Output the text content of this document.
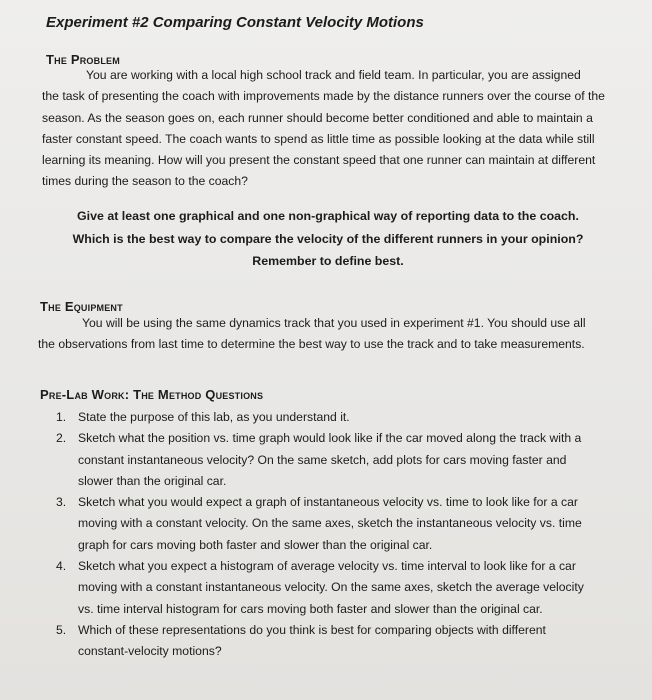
Experiment #2 Comparing Constant Velocity Motions
The Problem
You are working with a local high school track and field team. In particular, you are assigned
the task of presenting the coach with improvements made by the distance runners over the course of the
season. As the season goes on, each runner should become better conditioned and able to maintain a
faster constant speed. The coach wants to spend as little time as possible looking at the data while still
learning its meaning. How will you present the constant speed that one runner can maintain at different
times during the season to the coach?
Give at least one graphical and one non-graphical way of reporting data to the coach.
Which is the best way to compare the velocity of the different runners in your opinion?
Remember to define best.
The Equipment
You will be using the same dynamics track that you used in experiment #1. You should use all
the observations from last time to determine the best way to use the track and to take measurements.
Pre-Lab Work: The Method Questions
1. State the purpose of this lab, as you understand it.
2. Sketch what the position vs. time graph would look like if the car moved along the track with a
constant instantaneous velocity? On the same sketch, add plots for cars moving faster and
slower than the original car.
3. Sketch what you would expect a graph of instantaneous velocity vs. time to look like for a car
moving with a constant velocity. On the same axes, sketch the instantaneous velocity vs. time
graph for cars moving both faster and slower than the original car.
4. Sketch what you expect a histogram of average velocity vs. time interval to look like for a car
moving with a constant instantaneous velocity. On the same axes, sketch the average velocity
vs. time interval histogram for cars moving both faster and slower than the original car.
5. Which of these representations do you think is best for comparing objects with different
constant-velocity motions?
